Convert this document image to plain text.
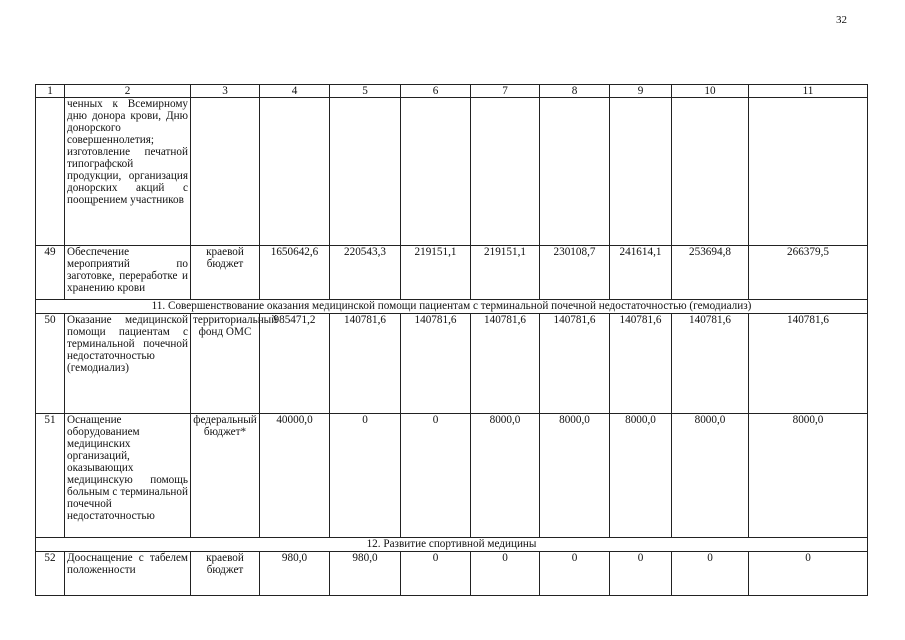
32
1	2	3	4	5	6	7	8	9	10	11
	ченных к Всемирному дню донора крови, Дню донорского совершеннолетия; изготовление печатной типографской продукции, организация донорских акций с поощрением участников									
49	Обеспечение мероприятий по заготовке, переработке и хранению крови	краевой бюджет	1650642,6	220543,3	219151,1	219151,1	230108,7	241614,1	253694,8	266379,5
11. Совершенствование оказания медицинской помощи пациентам с терминальной почечной недостаточностью (гемодиализ)										
50	Оказание медицинской помощи пациентам с терминальной почечной недостаточностью (гемодиализ)	территориальный фонд ОМС	985471,2	140781,6	140781,6	140781,6	140781,6	140781,6	140781,6	140781,6
51	Оснащение оборудованием медицинских организаций, оказывающих медицинскую помощь больным с терминальной почечной недостаточностью	федеральный бюджет*	40000,0	0	0	8000,0	8000,0	8000,0	8000,0	8000,0
12. Развитие спортивной медицины										
52	Дооснащение с табелем положенности	краевой бюджет	980,0	980,0	0	0	0	0	0	0
